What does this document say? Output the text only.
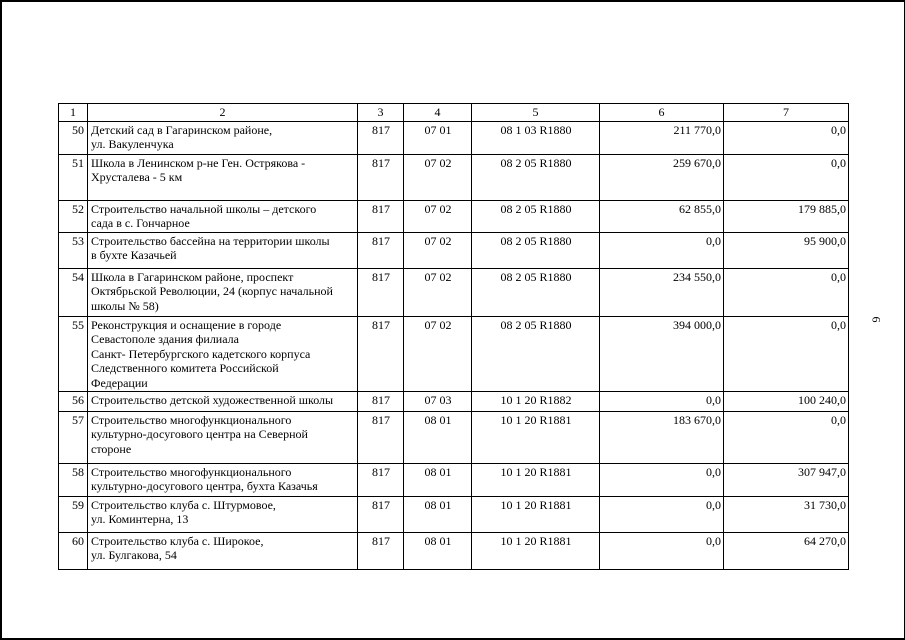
6
1	2	3	4	5	6	7
50	Детский сад в Гагаринском районе,
ул. Вакуленчука	817	07 01	08 1 03 R1880	211 770,0	0,0
51	Школа в Ленинском р-не Ген. Острякова -
Хрусталева - 5 км	817	07 02	08 2 05 R1880	259 670,0	0,0
52	Строительство начальной школы – детского
сада в с. Гончарное	817	07 02	08 2 05 R1880	62 855,0	179 885,0
53	Строительство бассейна на территории школы
в бухте Казачьей	817	07 02	08 2 05 R1880	0,0	95 900,0
54	Школа в Гагаринском районе, проспект
Октябрьской Революции, 24 (корпус начальной
школы № 58)	817	07 02	08 2 05 R1880	234 550,0	0,0
55	Реконструкция и оснащение в городе
Севастополе здания филиала
Санкт- Петербургского кадетского корпуса
Следственного комитета Российской
Федерации	817	07 02	08 2 05 R1880	394 000,0	0,0
56	Строительство детской художественной школы	817	07 03	10 1 20 R1882	0,0	100 240,0
57	Строительство многофункционального
культурно-досугового центра на Северной
стороне	817	08 01	10 1 20 R1881	183 670,0	0,0
58	Строительство многофункционального
культурно-досугового центра, бухта Казачья	817	08 01	10 1 20 R1881	0,0	307 947,0
59	Строительство клуба с. Штурмовое,
ул. Коминтерна, 13	817	08 01	10 1 20 R1881	0,0	31 730,0
60	Строительство клуба с. Широкое,
ул. Булгакова, 54	817	08 01	10 1 20 R1881	0,0	64 270,0
